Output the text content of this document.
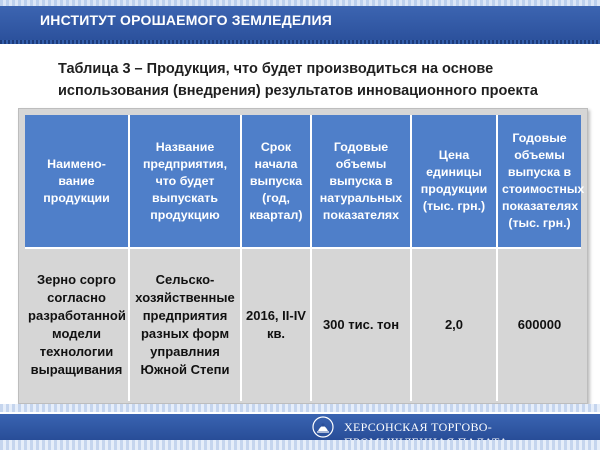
ИНСТИТУТ ОРОШАЕМОГО ЗЕМЛЕДЕЛИЯ
Таблица 3 – Продукция, что будет производиться на основе
использования (внедрения) результатов инновационного проекта
Наимено-вание продукции	Название предприятия, что будет выпускать продукцию	Срок начала выпуска (год, квартал)	Годовые объемы выпуска в натуральных показателях	Цена единицы продукции (тыс. грн.)	Годовые объемы выпуска в стоимостных показателях (тыс. грн.)
Зерно сорго согласно разработанной модели технологии выращивания	Сельско-хозяйственные предприятия разных форм управлния Южной Степи	2016, II-IV кв.	300 тис. тон	2,0	600000
ХЕРСОНСКАЯ ТОРГОВО-
